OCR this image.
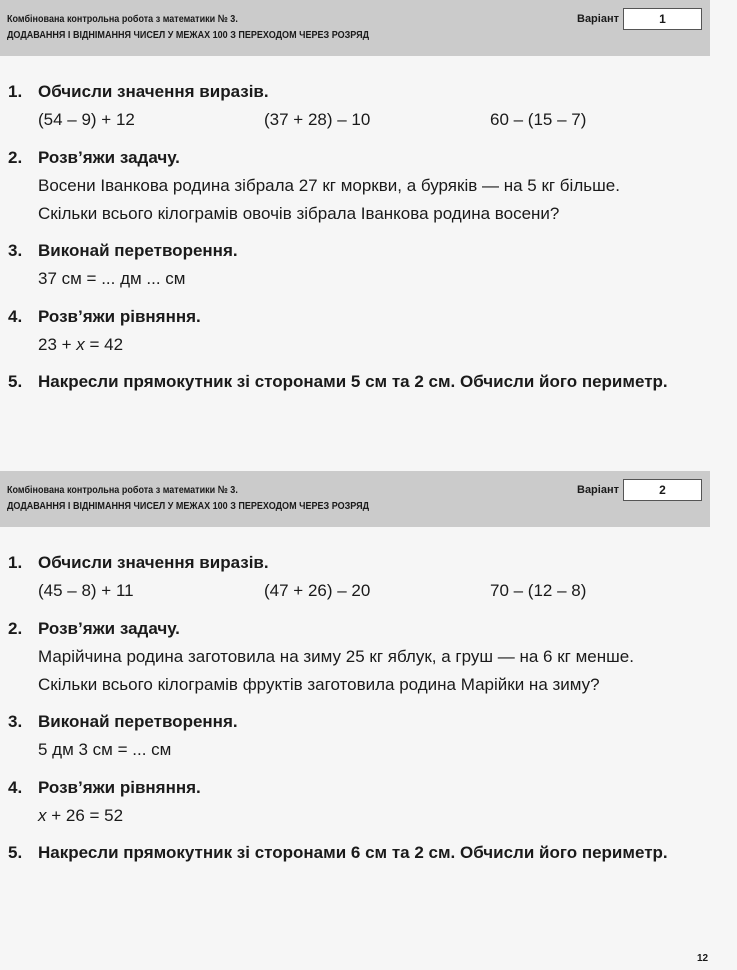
Комбінована контрольна робота з математики № 3.
ДОДАВАННЯ І ВІДНІМАННЯ ЧИСЕЛ У МЕЖАХ 100 З ПЕРЕХОДОМ ЧЕРЕЗ РОЗРЯД
Варіант	1
1. Обчисли значення виразів.
(54 – 9) + 12	(37 + 28) – 10	60 – (15 – 7)
2. Розв’яжи задачу.
Восени Іванкова родина зібрала 27 кг моркви, а буряків — на 5 кг більше.
Скільки всього кілограмів овочів зібрала Іванкова родина восени?
3. Виконай перетворення.
37 см = ... дм ... см
4. Розв’яжи рівняння.
23 + x = 42
5. Накресли прямокутник зі сторонами 5 см та 2 см. Обчисли його периметр.
Комбінована контрольна робота з математики № 3.
ДОДАВАННЯ І ВІДНІМАННЯ ЧИСЕЛ У МЕЖАХ 100 З ПЕРЕХОДОМ ЧЕРЕЗ РОЗРЯД
Варіант	2
1. Обчисли значення виразів.
(45 – 8) + 11	(47 + 26) – 20	70 – (12 – 8)
2. Розв’яжи задачу.
Марійчина родина заготовила на зиму 25 кг яблук, а груш — на 6 кг менше.
Скільки всього кілограмів фруктів заготовила родина Марійки на зиму?
3. Виконай перетворення.
5 дм 3 см = ... см
4. Розв’яжи рівняння.
x + 26 = 52
5. Накресли прямокутник зі сторонами 6 см та 2 см. Обчисли його периметр.
12
